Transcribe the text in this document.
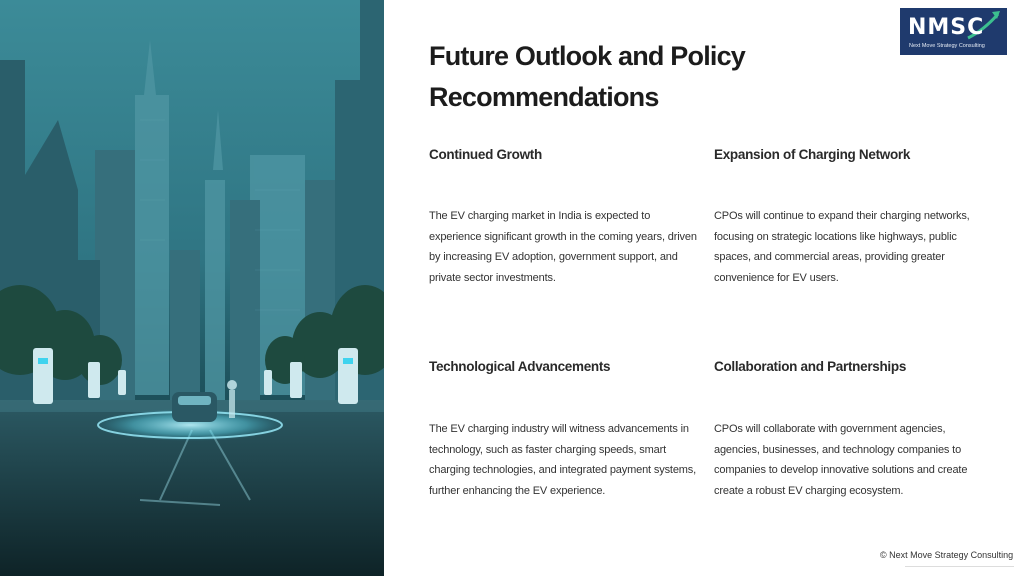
NMSC
Next Move Strategy Consulting
Future Outlook and Policy Recommendations
Continued Growth

The EV charging market in India is expected to experience significant growth in the coming years, driven by increasing EV adoption, government support, and private sector investments.

Expansion of Charging Network

CPOs will continue to expand their charging networks, focusing on strategic locations like highways, public spaces, and commercial areas, providing greater convenience for EV users.

Technological Advancements

The EV charging industry will witness advancements in technology, such as faster charging speeds, smart charging technologies, and integrated payment systems, further enhancing the EV experience.

Collaboration and Partnerships

CPOs will collaborate with government agencies, agencies, businesses, and technology companies to companies to develop innovative solutions and create create a robust EV charging ecosystem.

© Next Move Strategy Consulting
